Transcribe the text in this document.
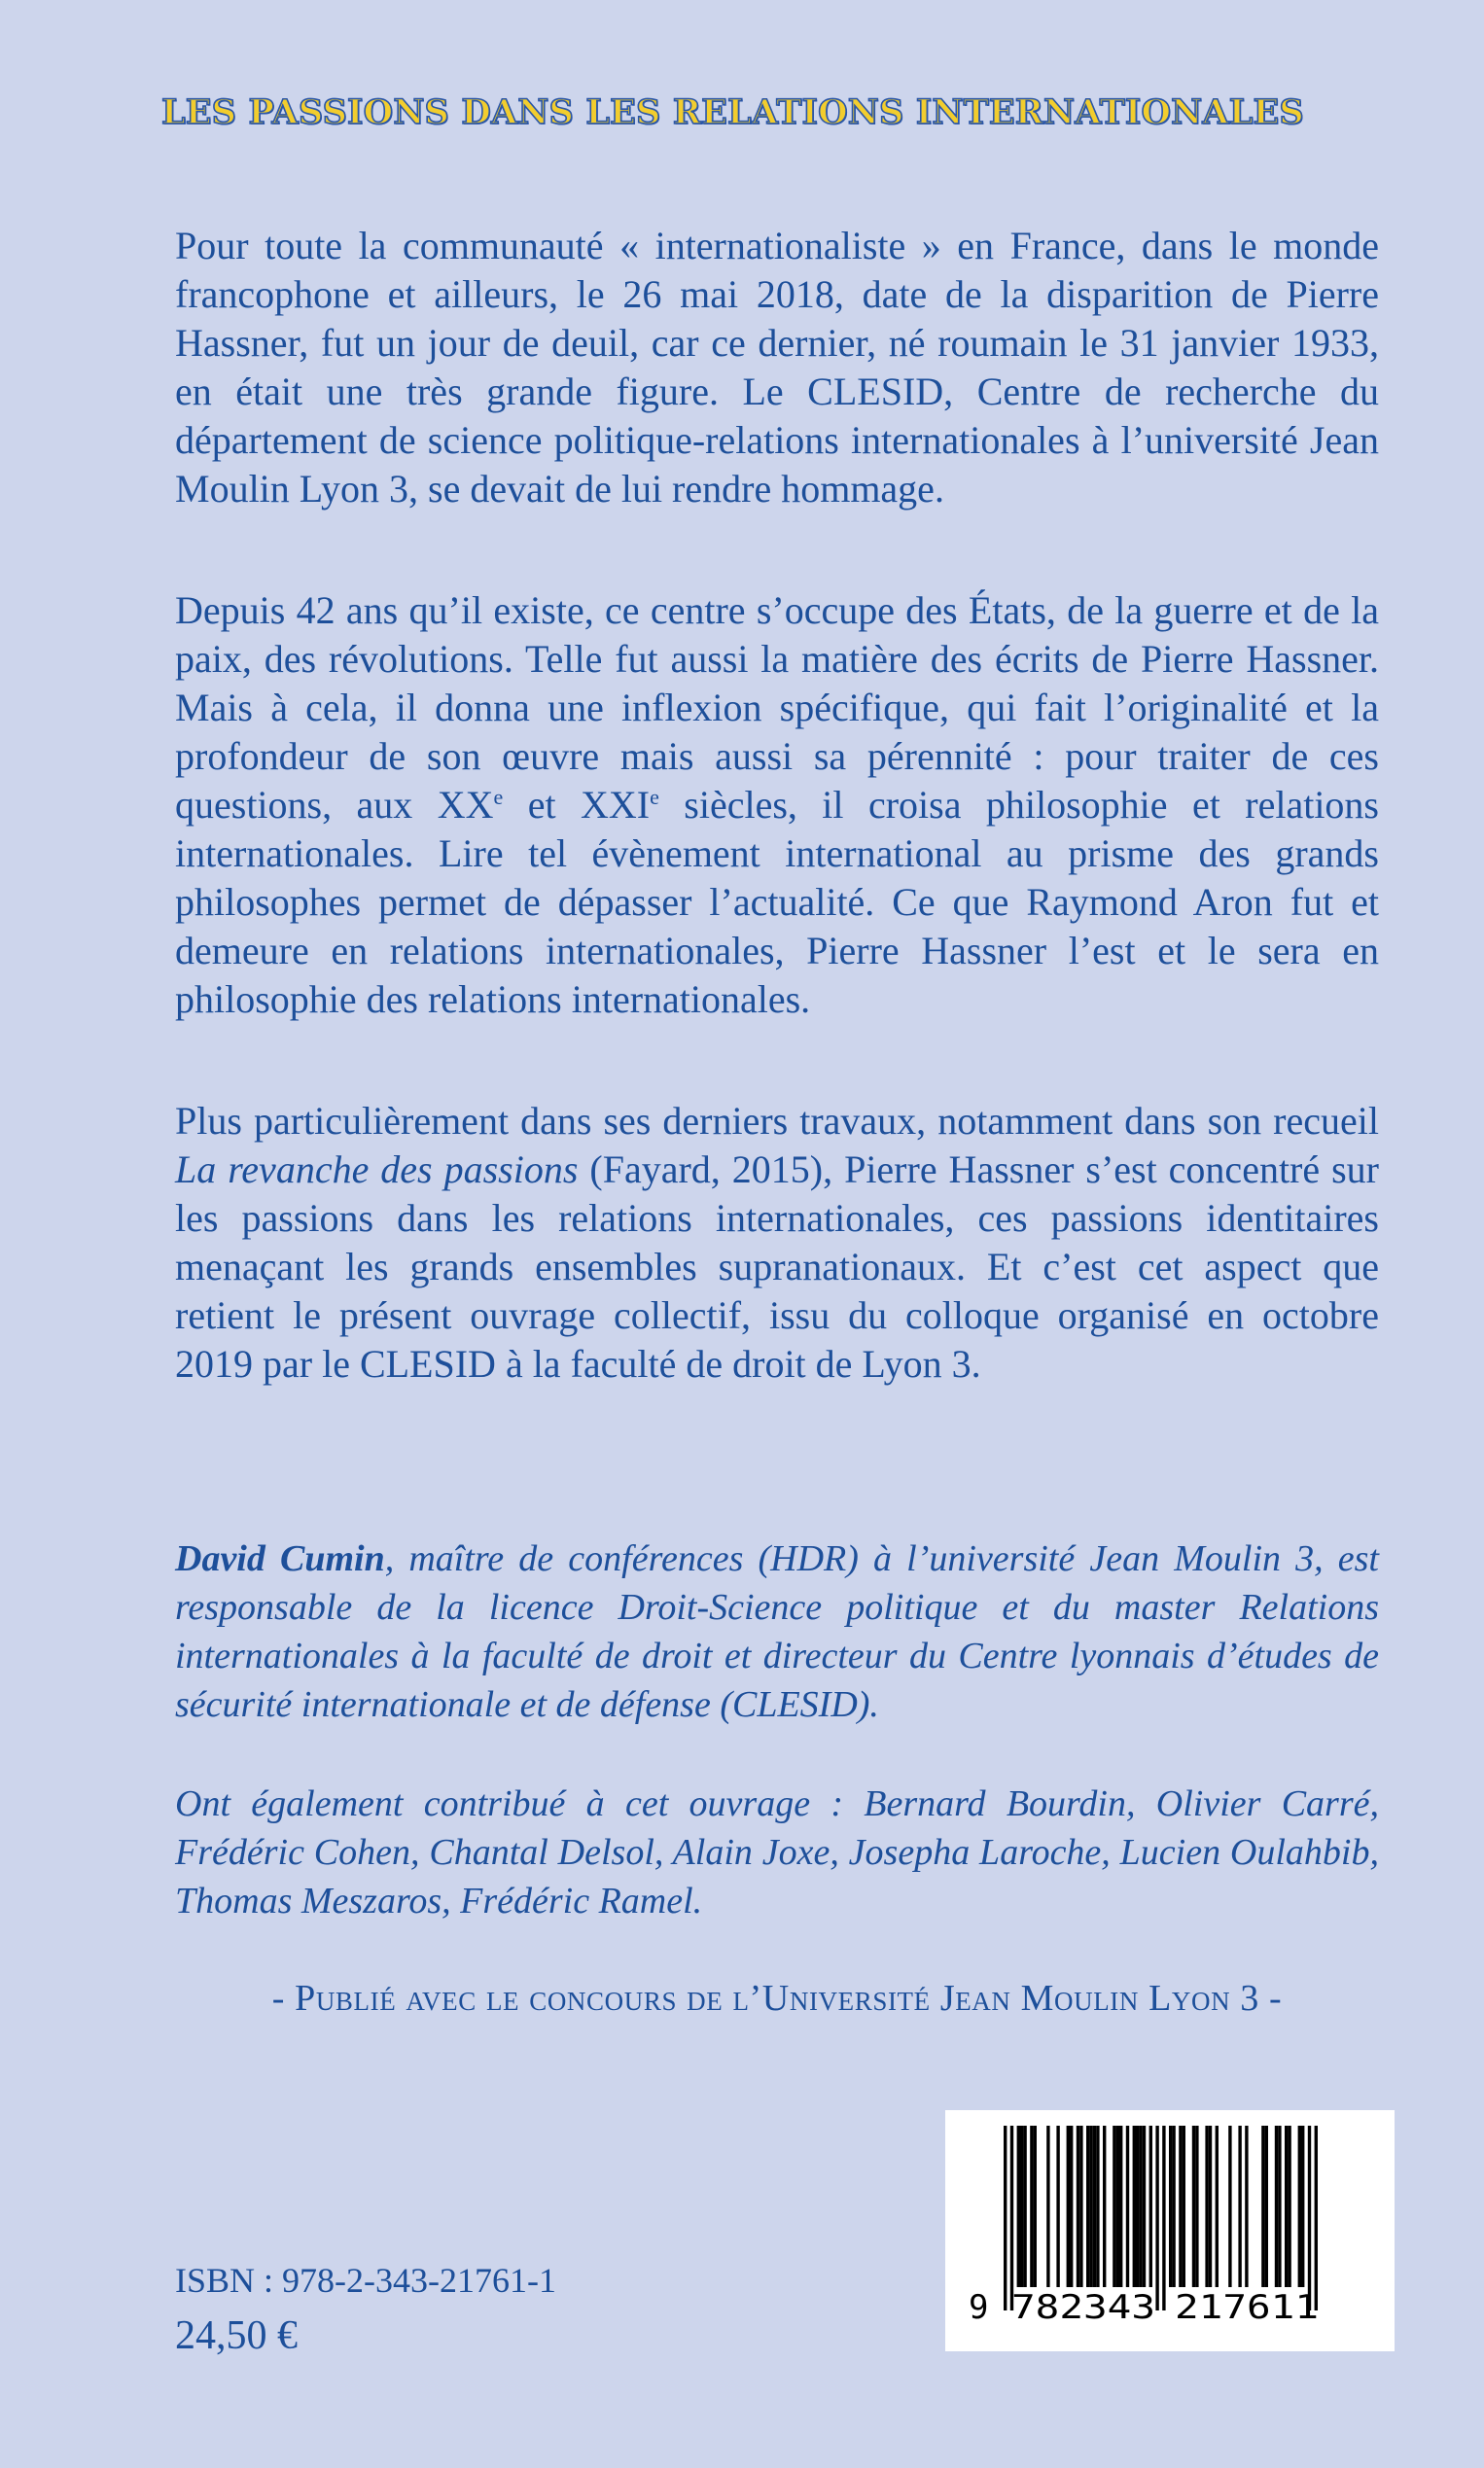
LES PASSIONS DANS LES RELATIONS INTERNATIONALES

Pour toute la communauté « internationaliste » en France, dans le monde francophone et ailleurs, le 26 mai 2018, date de la disparition de Pierre Hassner, fut un jour de deuil, car ce dernier, né roumain le 31 janvier 1933, en était une très grande figure. Le CLESID, Centre de recherche du département de science politique-relations internationales à l’université Jean Moulin Lyon 3, se devait de lui rendre hommage.

Depuis 42 ans qu’il existe, ce centre s’occupe des États, de la guerre et de la paix, des révolutions. Telle fut aussi la matière des écrits de Pierre Hassner. Mais à cela, il donna une inflexion spécifique, qui fait l’originalité et la profondeur de son œuvre mais aussi sa pérennité : pour traiter de ces questions, aux XXe et XXIe siècles, il croisa philosophie et relations internationales. Lire tel évènement international au prisme des grands philosophes permet de dépasser l’actualité. Ce que Raymond Aron fut et demeure en relations internationales, Pierre Hassner l’est et le sera en philosophie des relations internationales.

Plus particulièrement dans ses derniers travaux, notamment dans son recueil La revanche des passions (Fayard, 2015), Pierre Hassner s’est concentré sur les passions dans les relations internationales, ces passions identitaires menaçant les grands ensembles supranationaux. Et c’est cet aspect que retient le présent ouvrage collectif, issu du colloque organisé en octobre 2019 par le CLESID à la faculté de droit de Lyon 3.

David Cumin, maître de conférences (HDR) à l’université Jean Moulin 3, est responsable de la licence Droit-Science politique et du master Relations internationales à la faculté de droit et directeur du Centre lyonnais d’études de sécurité internationale et de défense (CLESID).

Ont également contribué à cet ouvrage : Bernard Bourdin, Olivier Carré, Frédéric Cohen, Chantal Delsol, Alain Joxe, Josepha Laroche, Lucien Oulahbib, Thomas Meszaros, Frédéric Ramel.

- Publié avec le concours de l’Université Jean Moulin Lyon 3 -

ISBN : 978-2-343-21761-1

24,50 €

9 782343 217611
